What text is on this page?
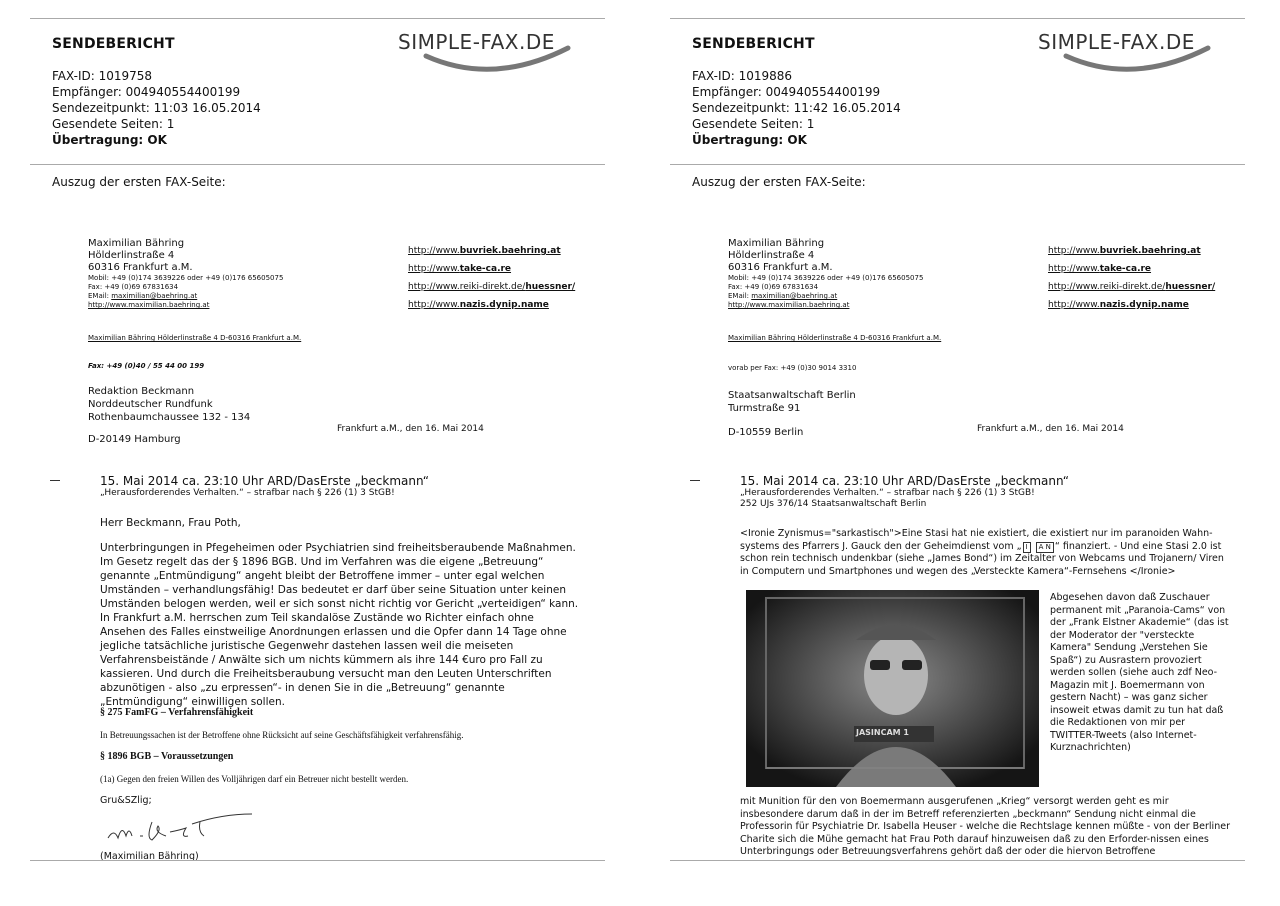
SENDEBERICHT	SIMPLE-FAX.DE
FAX-ID: 1019758
Empfänger: 004940554400199
Sendezeitpunkt: 11:03 16.05.2014
Gesendete Seiten: 1
Übertragung: OK
Auszug der ersten FAX-Seite:
Maximilian Bähring
Hölderlinstraße 4
60316 Frankfurt a.M.
Mobil: +49 (0)174 3639226 oder +49 (0)176 65605075
Fax: +49 (0)69 67831634
EMail: maximilian@baehring.at
http://www.maximilian.baehring.at
http://www.buvriek.baehring.at
http://www.take-ca.re
http://www.reiki-direkt.de/huessner/
http://www.nazis.dynip.name
Maximilian Bähring Hölderlinstraße 4 D-60316 Frankfurt a.M.
Fax: +49 (0)40 / 55 44 00 199
Redaktion Beckmann
Norddeutscher Rundfunk
Rothenbaumchaussee 132 - 134
D-20149 Hamburg
Frankfurt a.M., den 16. Mai 2014
15. Mai 2014 ca. 23:10 Uhr ARD/DasErste „beckmann“
„Herausforderendes Verhalten.“ – strafbar nach § 226 (1) 3 StGB!
Herr Beckmann, Frau Poth,
Unterbringungen in Pfegeheimen oder Psychiatrien sind freiheitsberaubende Maßnahmen. Im Gesetz regelt das der § 1896 BGB. Und im Verfahren was die eigene „Betreuung“ genannte „Entmündigung“ angeht bleibt der Betroffene immer – unter egal welchen Umständen – verhandlungsfähig! Das bedeutet er darf über seine Situation unter keinen Umständen belogen werden, weil er sich sonst nicht richtig vor Gericht „verteidigen“ kann. In Frankfurt a.M. herrschen zum Teil skandalöse Zustände wo Richter einfach ohne Ansehen des Falles einstweilige Anordnungen erlassen und die Opfer dann 14 Tage ohne jegliche tatsächliche juristische Gegenwehr dastehen lassen weil die meiseten Verfahrensbeistände / Anwälte sich um nichts kümmern als ihre 144 €uro pro Fall zu kassieren. Und durch die Freiheitsberaubung versucht man den Leuten Unterschriften abzunötigen - also „zu erpressen“- in denen Sie in die „Betreuung“ genannte „Entmündigung“ einwilligen sollen.

§ 275 FamFG – Verfahrensfähigkeit

In Betreuungssachen ist der Betroffene ohne Rücksicht auf seine Geschäftsfähigkeit verfahrensfähig.

§ 1896 BGB – Voraussetzungen

(1a) Gegen den freien Willen des Volljährigen darf ein Betreuer nicht bestellt werden.

Gru&SZlig;
(Maximilian Bähring)
SENDEBERICHT	SIMPLE-FAX.DE
FAX-ID: 1019886
Empfänger: 004940554400199
Sendezeitpunkt: 11:42 16.05.2014
Gesendete Seiten: 1
Übertragung: OK
Auszug der ersten FAX-Seite:
Maximilian Bähring
Hölderlinstraße 4
60316 Frankfurt a.M.
Mobil: +49 (0)174 3639226 oder +49 (0)176 65605075
Fax: +49 (0)69 67831634
EMail: maximilian@baehring.at
http://www.maximilian.baehring.at
http://www.buvriek.baehring.at
http://www.take-ca.re
http://www.reiki-direkt.de/huessner/
http://www.nazis.dynip.name
Maximilian Bähring Hölderlinstraße 4 D-60316 Frankfurt a.M.
vorab per Fax: +49 (0)30 9014 3310
Staatsanwaltschaft Berlin
Turmstraße 91
D-10559 Berlin	Frankfurt a.M., den 16. Mai 2014
15. Mai 2014 ca. 23:10 Uhr ARD/DasErste „beckmann“
„Herausforderendes Verhalten.“ – strafbar nach § 226 (1) 3 StGB!
252 UJs 376/14 Staatsanwaltschaft Berlin
<Ironie Zynismus="sarkastisch">Eine Stasi hat nie existiert, die existiert nur im paranoiden Wahn-systems des Pfarrers J. Gauck den der Geheimdienst vom „ I A N “ finanziert. - Und eine Stasi 2.0 ist schon rein technisch undenkbar (siehe „James Bond“) im Zeitalter von Webcams und Trojanern/ Viren in Computern und Smartphones und wegen des „Versteckte Kamera“-Fernsehens </Ironie>
JASINCAM 1
Abgesehen davon daß Zuschauer permanent mit „Paranoia-Cams“ von der „Frank Elstner Akademie“ (das ist der Moderator der "versteckte Kamera" Sendung „Verstehen Sie Spaß“) zu Ausrastern provoziert werden sollen (siehe auch zdf Neo-Magazin mit J. Boemermann von gestern Nacht) – was ganz sicher insoweit etwas damit zu tun hat daß die Redaktionen von mir per TWITTER-Tweets (also Internet-Kurznachrichten)
mit Munition für den von Boemermann ausgerufenen „Krieg“ versorgt werden geht es mir insbesondere darum daß in der im Betreff referenzierten „beckmann“ Sendung nicht einmal die Professorin für Psychiatrie Dr. Isabella Heuser - welche die Rechtslage kennen müßte - von der Berliner Charite sich die Mühe gemacht hat Frau Poth darauf hinzuweisen daß zu den Erforder-nissen eines Unterbringungs oder Betreuungsverfahrens gehört daß der oder die hiervon Betroffene
